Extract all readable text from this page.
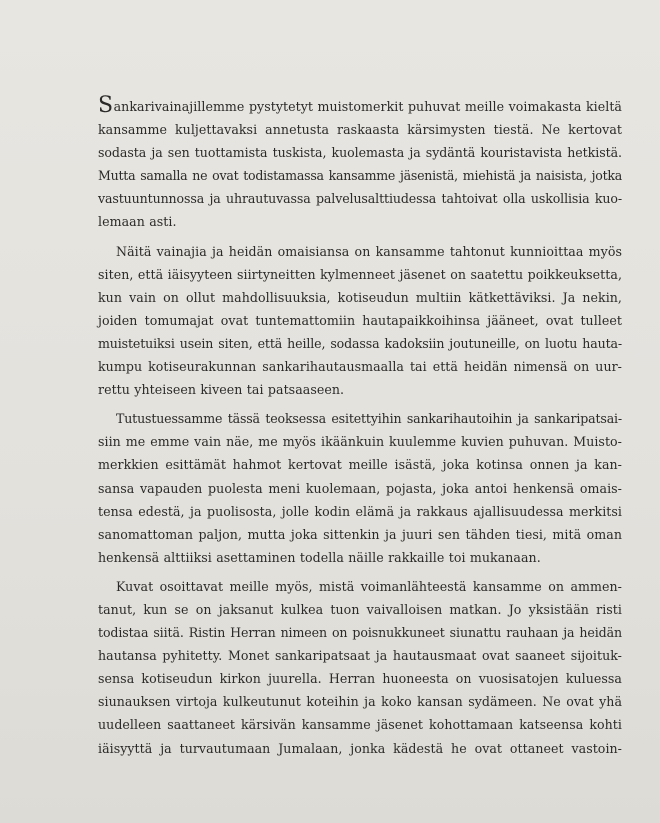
Sankarivainajillemme pystytetyt muistomerkit puhuvat meille voimakasta kieltä
kansamme kuljettavaksi annetusta raskaasta kärsimysten tiestä. Ne kertovat
sodasta ja sen tuottamista tuskista, kuolemasta ja sydäntä kouristavista hetkistä.
Mutta samalla ne ovat todistamassa kansamme jäsenistä, miehistä ja naisista, jotka
vastuuntunnossa ja uhrautuvassa palvelusalttiudessa tahtoivat olla uskollisia kuo-
lemaan asti.
Näitä vainajia ja heidän omaisiansa on kansamme tahtonut kunnioittaa myös
siten, että iäisyyteen siirtyneitten kylmenneet jäsenet on saatettu poikkeuksetta,
kun vain on ollut mahdollisuuksia, kotiseudun multiin kätkettäviksi. Ja nekin,
joiden tomumajat ovat tuntemattomiin hautapaikkoihinsa jääneet, ovat tulleet
muistetuiksi usein siten, että heille, sodassa kadoksiin joutuneille, on luotu hauta-
kumpu kotiseurakunnan sankarihautausmaalla tai että heidän nimensä on uur-
rettu yhteiseen kiveen tai patsaaseen.
Tutustuessamme tässä teoksessa esitettyihin sankarihautoihin ja sankaripatsai-
siin me emme vain näe, me myös ikäänkuin kuulemme kuvien puhuvan. Muisto-
merkkien esittämät hahmot kertovat meille isästä, joka kotinsa onnen ja kan-
sansa vapauden puolesta meni kuolemaan, pojasta, joka antoi henkensä omais-
tensa edestä, ja puolisosta, jolle kodin elämä ja rakkaus ajallisuudessa merkitsi
sanomattoman paljon, mutta joka sittenkin ja juuri sen tähden tiesi, mitä oman
henkensä alttiiksi asettaminen todella näille rakkaille toi mukanaan.
Kuvat osoittavat meille myös, mistä voimanlähteestä kansamme on ammen-
tanut, kun se on jaksanut kulkea tuon vaivalloisen matkan. Jo yksistään risti
todistaa siitä. Ristin Herran nimeen on poisnukkuneet siunattu rauhaan ja heidän
hautansa pyhitetty. Monet sankaripatsaat ja hautausmaat ovat saaneet sijoituk-
sensa kotiseudun kirkon juurella. Herran huoneesta on vuosisatojen kuluessa
siunauksen virtoja kulkeutunut koteihin ja koko kansan sydämeen. Ne ovat yhä
uudelleen saattaneet kärsivän kansamme jäsenet kohottamaan katseensa kohti
iäisyyttä ja turvautumaan Jumalaan, jonka kädestä he ovat ottaneet vastoin-
